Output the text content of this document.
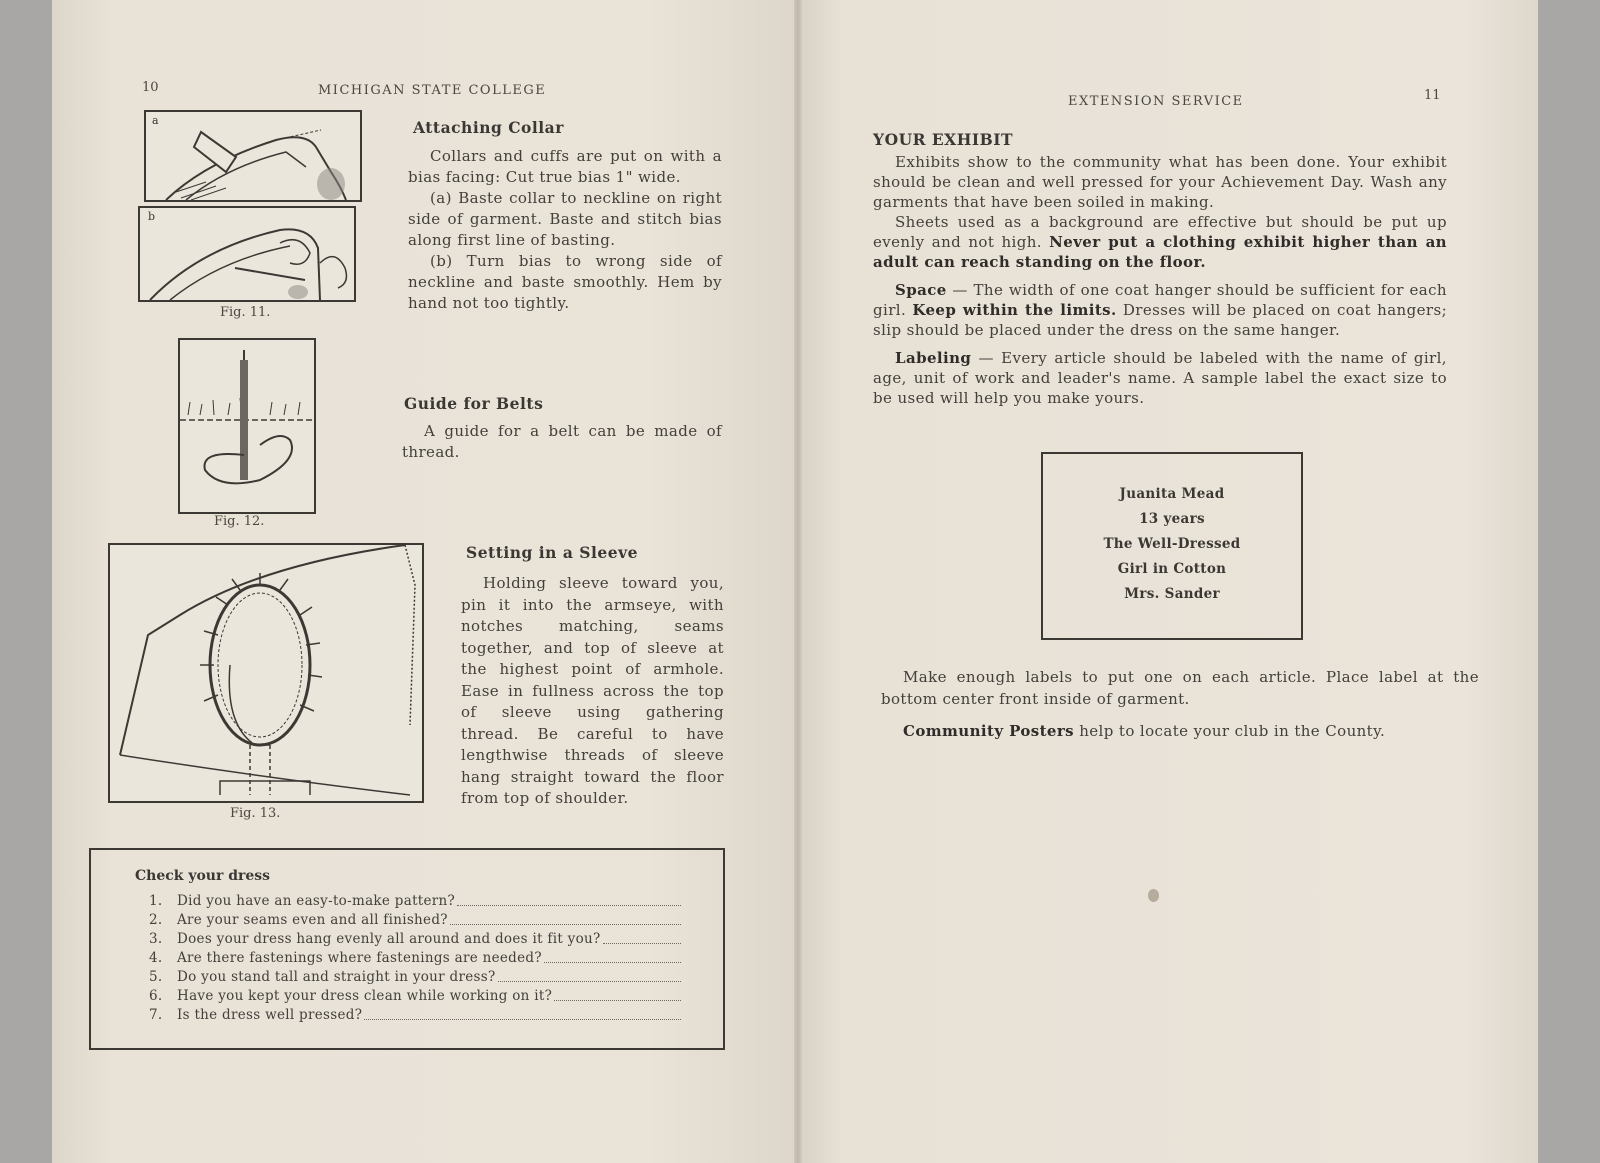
10	MICHIGAN STATE COLLEGE
a
b
Fig. 11.
Attaching Collar

Collars and cuffs are put on with a bias facing: Cut true bias 1" wide.

(a) Baste collar to neckline on right side of garment. Baste and stitch bias along first line of basting.

(b) Turn bias to wrong side of neckline and baste smoothly. Hem by hand not too tightly.

Fig. 12.
Guide for Belts

A guide for a belt can be made of thread.

Fig. 13.
Setting in a Sleeve

Holding sleeve toward you, pin it into the armseye, with notches matching, seams together, and top of sleeve at the highest point of armhole. Ease in fullness across the top of sleeve using gathering thread. Be careful to have lengthwise threads of sleeve hang straight toward the floor from top of shoulder.

Check your dress
1.	Did you have an easy-to-make pattern?
2.	Are your seams even and all finished?
3.	Does your dress hang evenly all around and does it fit you?
4.	Are there fastenings where fastenings are needed?
5.	Do you stand tall and straight in your dress?
6.	Have you kept your dress clean while working on it?
7.	Is the dress well pressed?
EXTENSION SERVICE	11
YOUR EXHIBIT

Exhibits show to the community what has been done. Your exhibit should be clean and well pressed for your Achievement Day. Wash any garments that have been soiled in making.

Sheets used as a background are effective but should be put up evenly and not high. Never put a clothing exhibit higher than an adult can reach standing on the floor.

Space — The width of one coat hanger should be sufficient for each girl. Keep within the limits. Dresses will be placed on coat hangers; slip should be placed under the dress on the same hanger.

Labeling — Every article should be labeled with the name of girl, age, unit of work and leader's name. A sample label the exact size to be used will help you make yours.

Juanita Mead
13 years
The Well-Dressed
Girl in Cotton
Mrs. Sander

Make enough labels to put one on each article. Place label at the bottom center front inside of garment.

Community Posters help to locate your club in the County.
